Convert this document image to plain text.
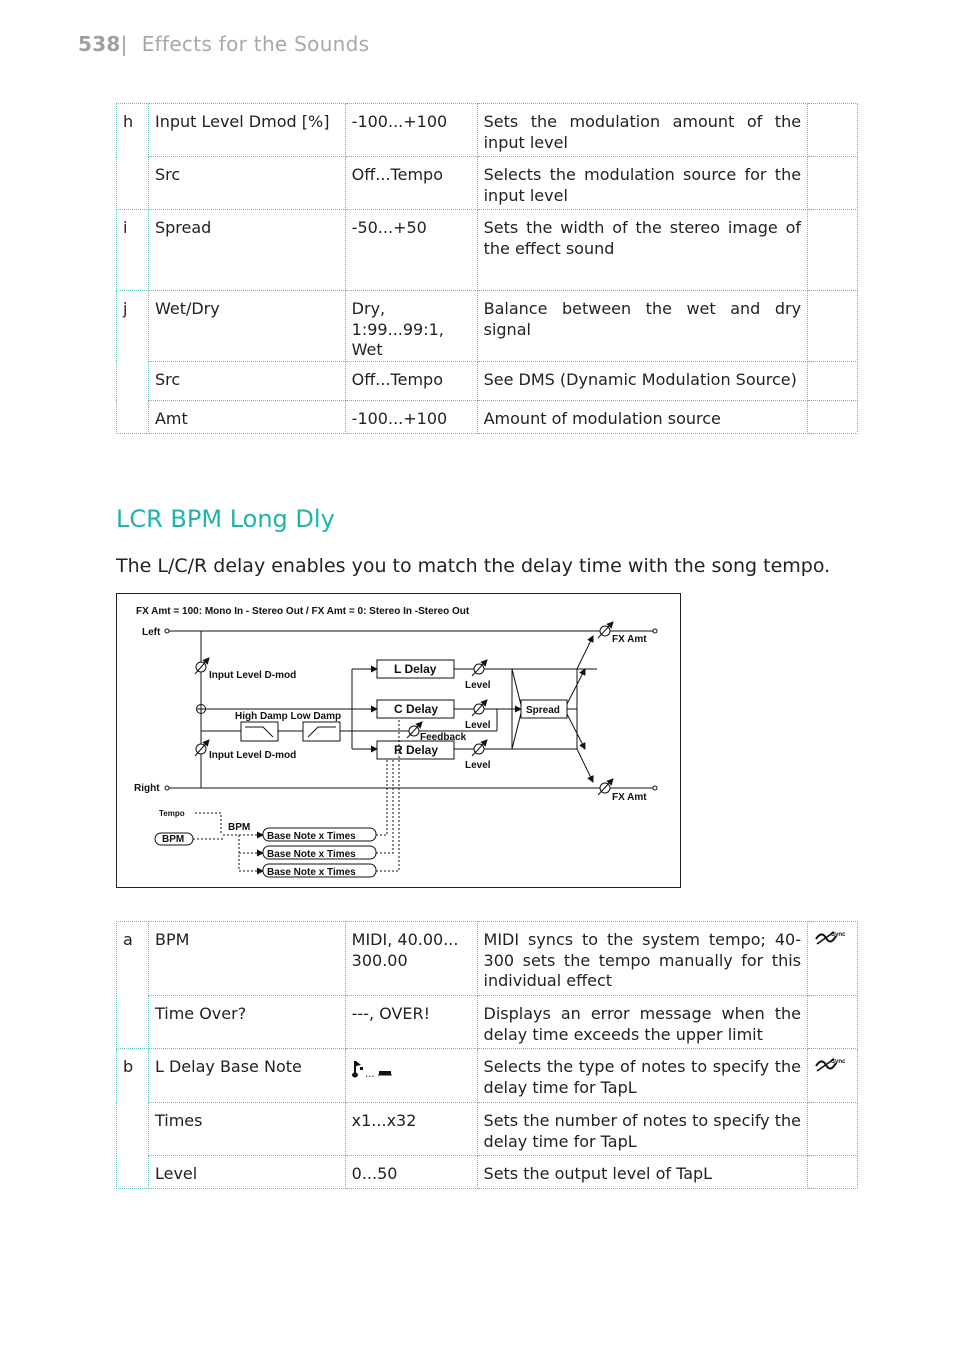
538| Effects for the Sounds
h	Input Level Dmod [%]	-100...+100	Sets the modulation amount of the input level	
	Src	Off...Tempo	Selects the modulation source for the input level	
i	Spread	-50...+50	Sets the width of the stereo image of the effect sound	
j	Wet/Dry	Dry, 1:99...99:1, Wet	Balance between the wet and dry signal	
	Src	Off...Tempo	See DMS (Dynamic Modulation Source)	
	Amt	-100...+100	Amount of modulation source	
LCR BPM Long Dly

The L/C/R delay enables you to match the delay time with the song tempo.

FX Amt = 100: Mono In - Stereo Out / FX Amt = 0: Stereo In -Stereo Out
Left
Right
FX Amt
FX Amt
Input Level D-mod
Input Level D-mod
High Damp Low Damp
L Delay
C Delay
R Delay
Level
Level
Level
Feedback
Spread
Tempo
BPM
BPM
Base Note x Times
Base Note x Times
Base Note x Times
a	BPM	MIDI, 40.00... 300.00	MIDI syncs to the system tempo; 40-300 sets the tempo manually for this individual effect	Sync

	Time Over?	---, OVER!	Displays an error message when the delay time exceeds the upper limit	
b	L Delay Base Note	...	Selects the type of notes to specify the delay time for TapL	Sync

	Times	x1...x32	Sets the number of notes to specify the delay time for TapL	
	Level	0...50	Sets the output level of TapL	
